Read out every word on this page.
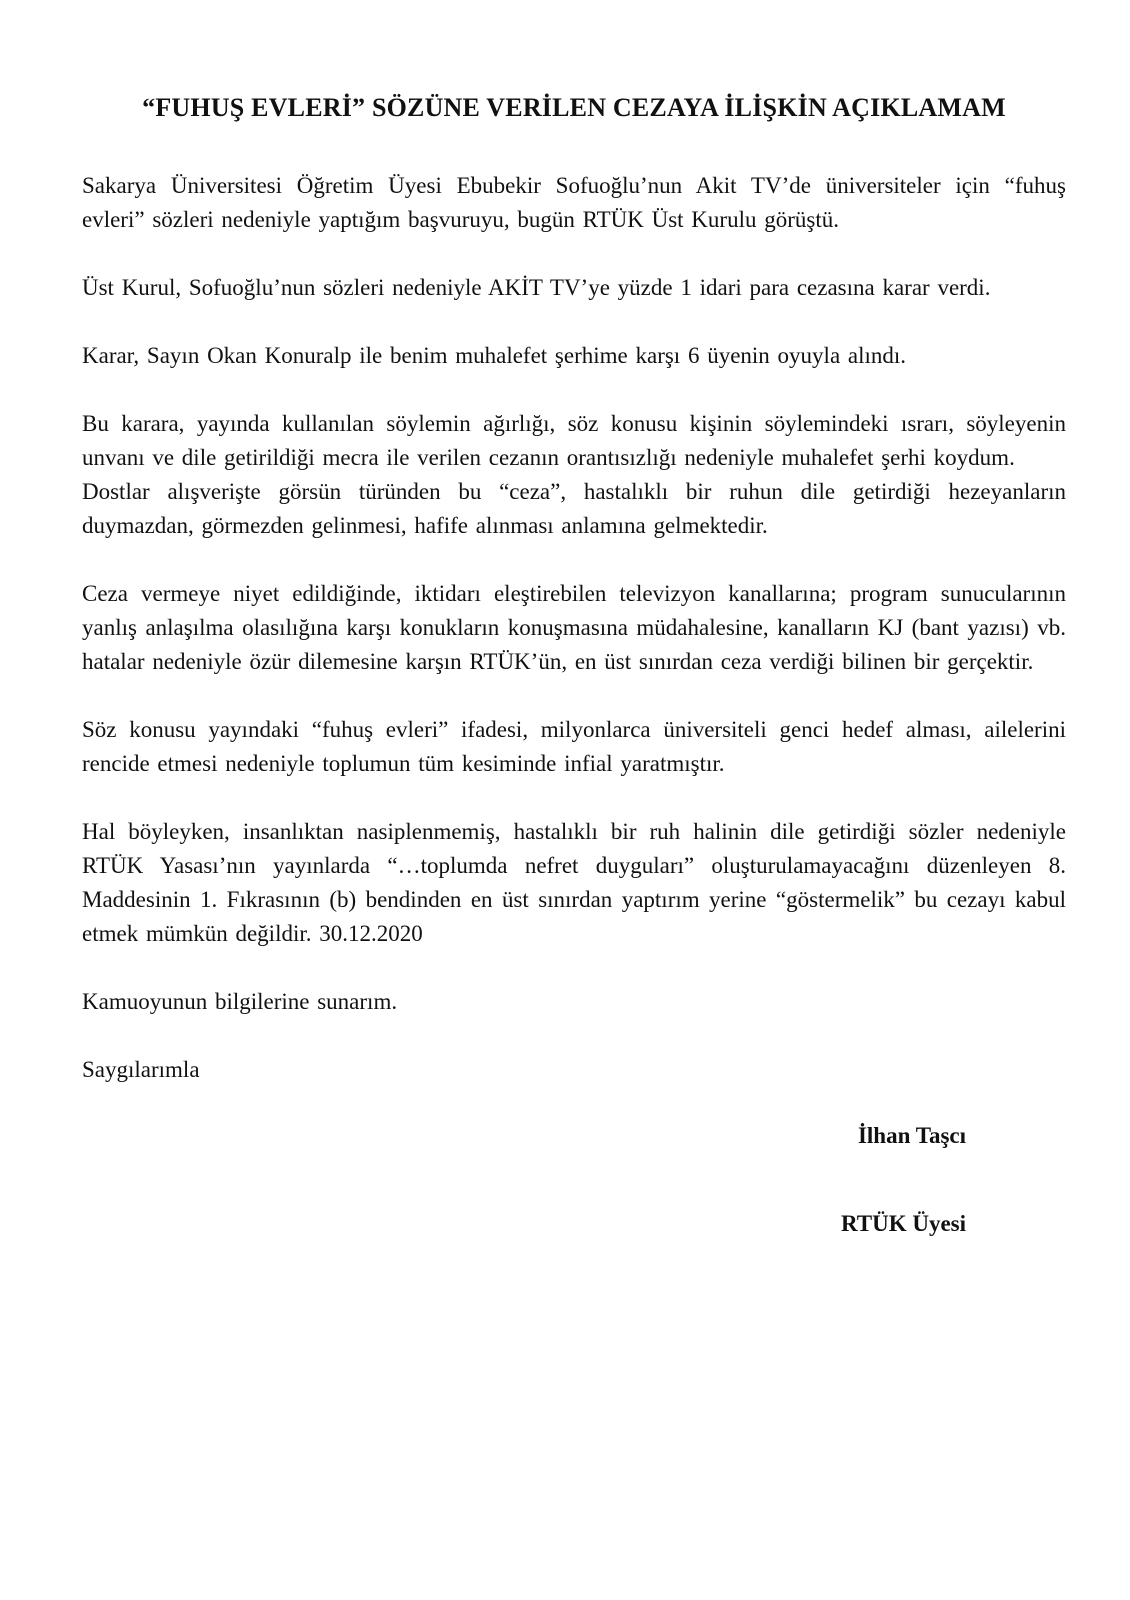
“FUHUŞ EVLERİ” SÖZÜNE VERİLEN CEZAYA İLİŞKİN AÇIKLAMAM

Sakarya Üniversitesi Öğretim Üyesi Ebubekir Sofuoğlu’nun Akit TV’de üniversiteler için “fuhuş evleri” sözleri nedeniyle yaptığım başvuruyu, bugün RTÜK Üst Kurulu görüştü.

Üst Kurul, Sofuoğlu’nun sözleri nedeniyle AKİT TV’ye yüzde 1 idari para cezasına karar verdi.

Karar, Sayın Okan Konuralp ile benim muhalefet şerhime karşı 6 üyenin oyuyla alındı.

Bu karara, yayında kullanılan söylemin ağırlığı, söz konusu kişinin söylemindeki ısrarı, söyleyenin unvanı ve dile getirildiği mecra ile verilen cezanın orantısızlığı nedeniyle muhalefet şerhi koydum.

Dostlar alışverişte görsün türünden bu “ceza”, hastalıklı bir ruhun dile getirdiği hezeyanların duymazdan, görmezden gelinmesi, hafife alınması anlamına gelmektedir.

Ceza vermeye niyet edildiğinde, iktidarı eleştirebilen televizyon kanallarına; program sunucularının yanlış anlaşılma olasılığına karşı konukların konuşmasına müdahalesine, kanalların KJ (bant yazısı) vb. hatalar nedeniyle özür dilemesine karşın RTÜK’ün, en üst sınırdan ceza verdiği bilinen bir gerçektir.

Söz konusu yayındaki “fuhuş evleri” ifadesi, milyonlarca üniversiteli genci hedef alması, ailelerini rencide etmesi nedeniyle toplumun tüm kesiminde infial yaratmıştır.

Hal böyleyken, insanlıktan nasiplenmemiş, hastalıklı bir ruh halinin dile getirdiği sözler nedeniyle RTÜK Yasası’nın yayınlarda “…toplumda nefret duyguları” oluşturulamayacağını düzenleyen 8. Maddesinin 1. Fıkrasının (b) bendinden en üst sınırdan yaptırım yerine “göstermelik” bu cezayı kabul etmek mümkün değildir. 30.12.2020

Kamuoyunun bilgilerine sunarım.

Saygılarımla

İlhan Taşcı
RTÜK Üyesi
